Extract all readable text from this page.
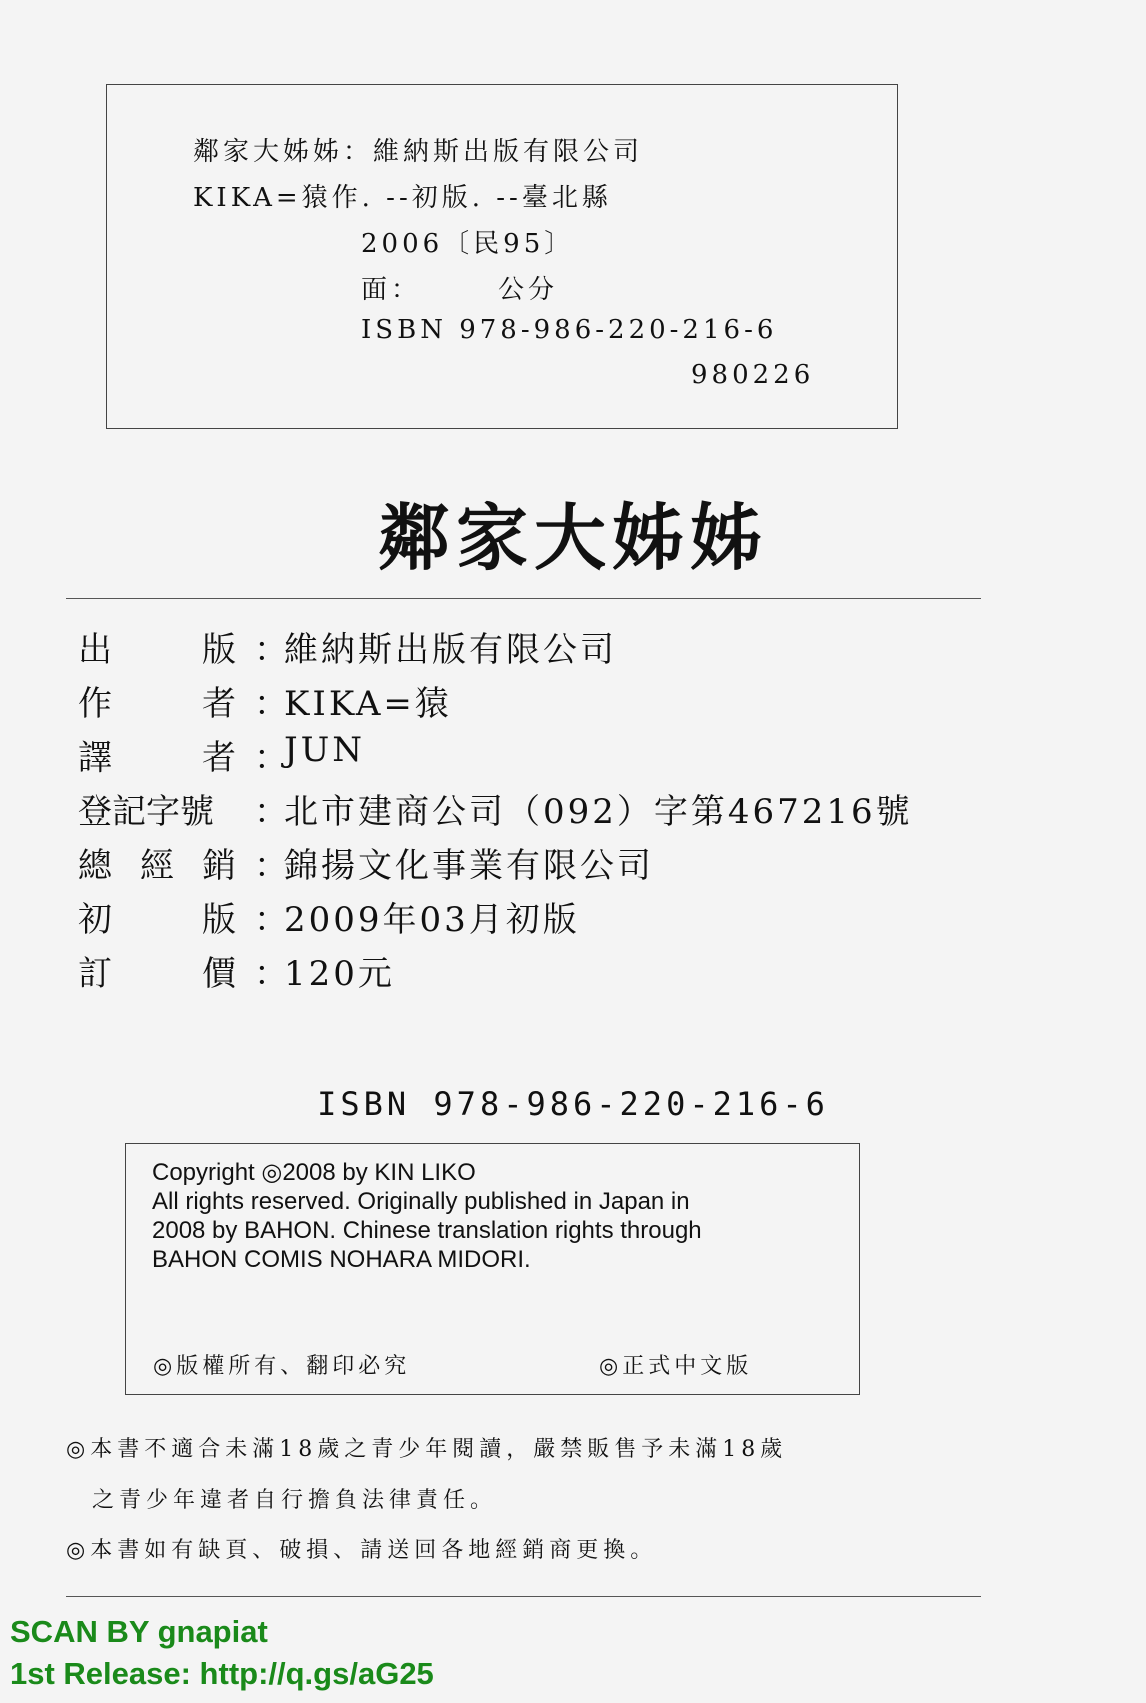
鄰家大姊姊：維納斯出版有限公司
KIKA=猿作. --初版. --臺北縣
2006〔民95〕
面：　　　公分
ISBN 978-986-220-216-6
980226
鄰家大姊姊
出	版 ：
維納斯出版有限公司
作	者 ：
KIKA=猿
譯	者 ：
JUN
登記字號	：
北市建商公司（092）字第467216號
總 經 銷 ：
錦揚文化事業有限公司
初	版 ：
2009年03月初版
訂	價 ：
120元
ISBN 978-986-220-216-6
Copyright ◎2008 by KIN LIKO
All rights reserved. Originally published in Japan in
2008 by BAHON. Chinese translation rights through
BAHON COMIS NOHARA MIDORI.
◎版權所有、翻印必究	◎正式中文版
◎本書不適合未滿18歲之青少年閱讀，嚴禁販售予未滿18歲
之青少年違者自行擔負法律責任。
◎本書如有缺頁、破損、請送回各地經銷商更換。
SCAN BY gnapiat
1st Release: http://q.gs/aG25
